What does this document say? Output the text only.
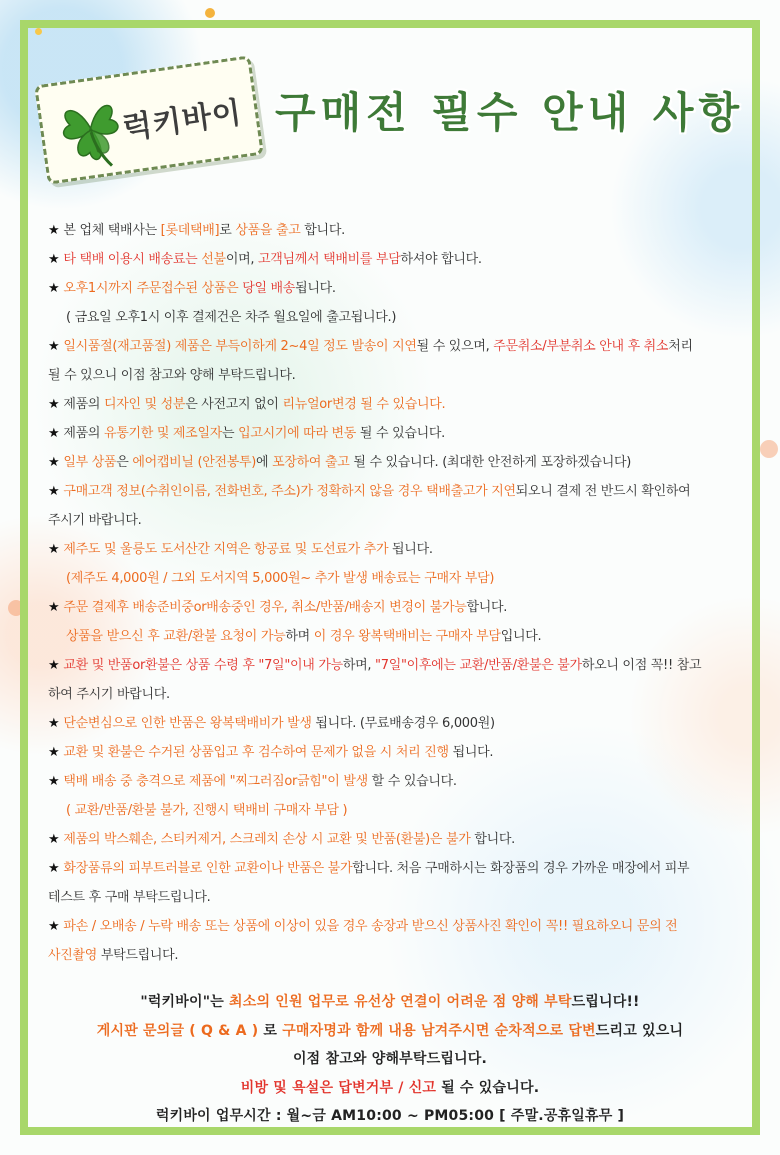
럭키바이 구매전 필수 안내 사항
★ 본 업체 택배사는 [롯데택배]로 상품을 출고 합니다.
★ 타 택배 이용시 배송료는 선불이며, 고객님께서 택배비를 부담하셔야 합니다.
★ 오후1시까지 주문접수된 상품은 당일 배송됩니다.
( 금요일 오후1시 이후 결제건은 차주 월요일에 출고됩니다.)
★ 일시품절(재고품절) 제품은 부득이하게 2~4일 정도 발송이 지연될 수 있으며, 주문취소/부분취소 안내 후 취소처리
될 수 있으니 이점 참고와 양해 부탁드립니다.
★ 제품의 디자인 및 성분은 사전고지 없이 리뉴얼or변경 될 수 있습니다.
★ 제품의 유통기한 및 제조일자는 입고시기에 따라 변동 될 수 있습니다.
★ 일부 상품은 에어캡비닐 (안전봉투)에 포장하여 출고 될 수 있습니다. (최대한 안전하게 포장하겠습니다)
★ 구매고객 정보(수취인이름, 전화번호, 주소)가 정확하지 않을 경우 택배출고가 지연되오니 결제 전 반드시 확인하여
주시기 바랍니다.
★ 제주도 및 울릉도 도서산간 지역은 항공료 및 도선료가 추가 됩니다.
(제주도 4,000원 / 그외 도서지역 5,000원~ 추가 발생 배송료는 구매자 부담)
★ 주문 결제후 배송준비중or배송중인 경우, 취소/반품/배송지 변경이 불가능합니다.
상품을 받으신 후 교환/환불 요청이 가능하며 이 경우 왕복택배비는 구매자 부담입니다.
★ 교환 및 반품or환불은 상품 수령 후 "7일"이내 가능하며, "7일"이후에는 교환/반품/환불은 불가하오니 이점 꼭!! 참고
하여 주시기 바랍니다.
★ 단순변심으로 인한 반품은 왕복택배비가 발생 됩니다. (무료배송경우 6,000원)
★ 교환 및 환불은 수거된 상품입고 후 검수하여 문제가 없을 시 처리 진행 됩니다.
★ 택배 배송 중 충격으로 제품에 "찌그러짐or긁힘"이 발생 할 수 있습니다.
( 교환/반품/환불 불가, 진행시 택배비 구매자 부담 )
★ 제품의 박스훼손, 스티커제거, 스크레치 손상 시 교환 및 반품(환불)은 불가 합니다.
★ 화장품류의 피부트러블로 인한 교환이나 반품은 불가합니다. 처음 구매하시는 화장품의 경우 가까운 매장에서 피부
테스트 후 구매 부탁드립니다.
★ 파손 / 오배송 / 누락 배송 또는 상품에 이상이 있을 경우 송장과 받으신 상품사진 확인이 꼭!! 필요하오니 문의 전
사진촬영 부탁드립니다.
"럭키바이"는 최소의 인원 업무로 유선상 연결이 어려운 점 양해 부탁드립니다!!
게시판 문의글 ( Q & A ) 로 구매자명과 함께 내용 남겨주시면 순차적으로 답변드리고 있으니
이점 참고와 양해부탁드립니다.
비방 및 욕설은 답변거부 / 신고 될 수 있습니다.
럭키바이 업무시간 : 월~금 AM10:00 ~ PM05:00 [ 주말.공휴일휴무 ]
